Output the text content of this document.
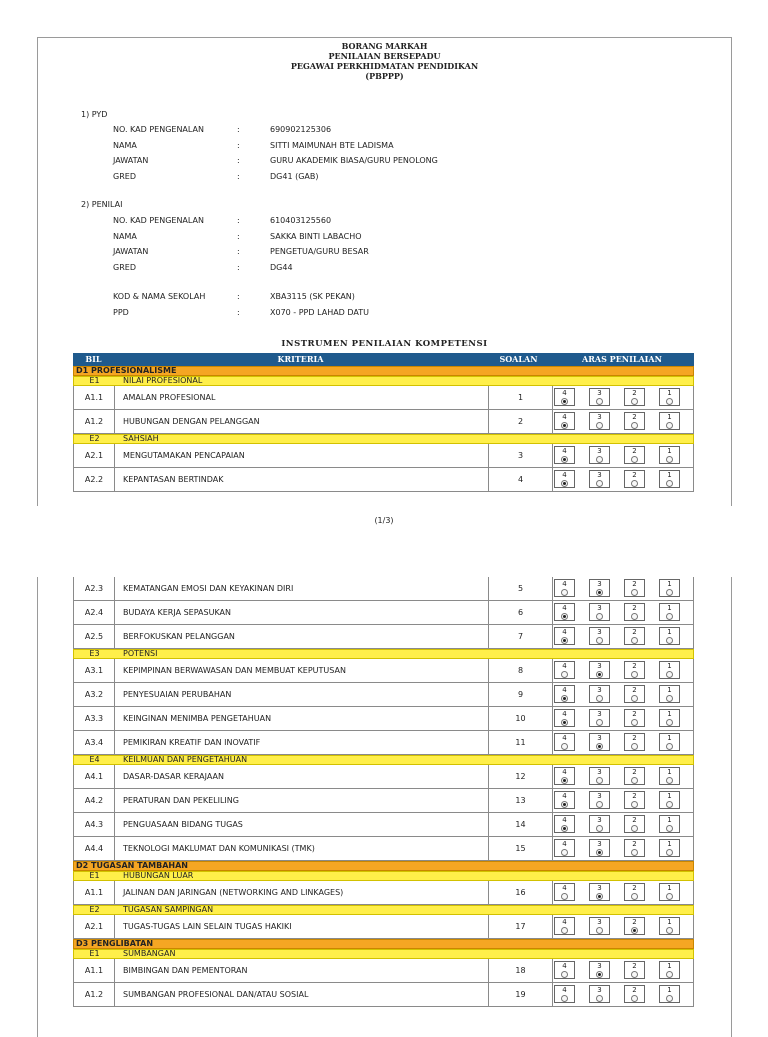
BORANG MARKAH
PENILAIAN BERSEPADU
PEGAWAI PERKHIDMATAN PENDIDIKAN
(PBPPP)
1) PYD
NO. KAD PENGENALAN	:	690902125306
NAMA	:	SITTI MAIMUNAH BTE LADISMA
JAWATAN	:	GURU AKADEMIK BIASA/GURU PENOLONG
GRED	:	DG41 (GAB)
2) PENILAI
NO. KAD PENGENALAN	:	610403125560
NAMA	:	SAKKA BINTI LABACHO
JAWATAN	:	PENGETUA/GURU BESAR
GRED	:	DG44
KOD & NAMA SEKOLAH	:	XBA3115 (SK PEKAN)
PPD	:	X070 - PPD LAHAD DATU
INSTRUMEN PENILAIAN KOMPETENSI
BIL	KRITERIA	SOALAN	ARAS PENILAIAN
D1 PROFESIONALISME
E1	NILAI PROFESIONAL
A1.1	AMALAN PROFESIONAL	1	4	3	2	1
A1.2	HUBUNGAN DENGAN PELANGGAN	2	4	3	2	1
E2	SAHSIAH
A2.1	MENGUTAMAKAN PENCAPAIAN	3	4	3	2	1
A2.2	KEPANTASAN BERTINDAK	4	4	3	2	1
(1/3)
A2.3	KEMATANGAN EMOSI DAN KEYAKINAN DIRI	5	4	3	2	1
A2.4	BUDAYA KERJA SEPASUKAN	6	4	3	2	1
A2.5	BERFOKUSKAN PELANGGAN	7	4	3	2	1
E3	POTENSI
A3.1	KEPIMPINAN BERWAWASAN DAN MEMBUAT KEPUTUSAN	8	4	3	2	1
A3.2	PENYESUAIAN PERUBAHAN	9	4	3	2	1
A3.3	KEINGINAN MENIMBA PENGETAHUAN	10	4	3	2	1
A3.4	PEMIKIRAN KREATIF DAN INOVATIF	11	4	3	2	1
E4	KEILMUAN DAN PENGETAHUAN
A4.1	DASAR-DASAR KERAJAAN	12	4	3	2	1
A4.2	PERATURAN DAN PEKELILING	13	4	3	2	1
A4.3	PENGUASAAN BIDANG TUGAS	14	4	3	2	1
A4.4	TEKNOLOGI MAKLUMAT DAN KOMUNIKASI (TMK)	15	4	3	2	1
D2 TUGASAN TAMBAHAN
E1	HUBUNGAN LUAR
A1.1	JALINAN DAN JARINGAN (NETWORKING AND LINKAGES)	16	4	3	2	1
E2	TUGASAN SAMPINGAN
A2.1	TUGAS-TUGAS LAIN SELAIN TUGAS HAKIKI	17	4	3	2	1
D3 PENGLIBATAN
E1	SUMBANGAN
A1.1	BIMBINGAN DAN PEMENTORAN	18	4	3	2	1
A1.2	SUMBANGAN PROFESIONAL DAN/ATAU SOSIAL	19	4	3	2	1
